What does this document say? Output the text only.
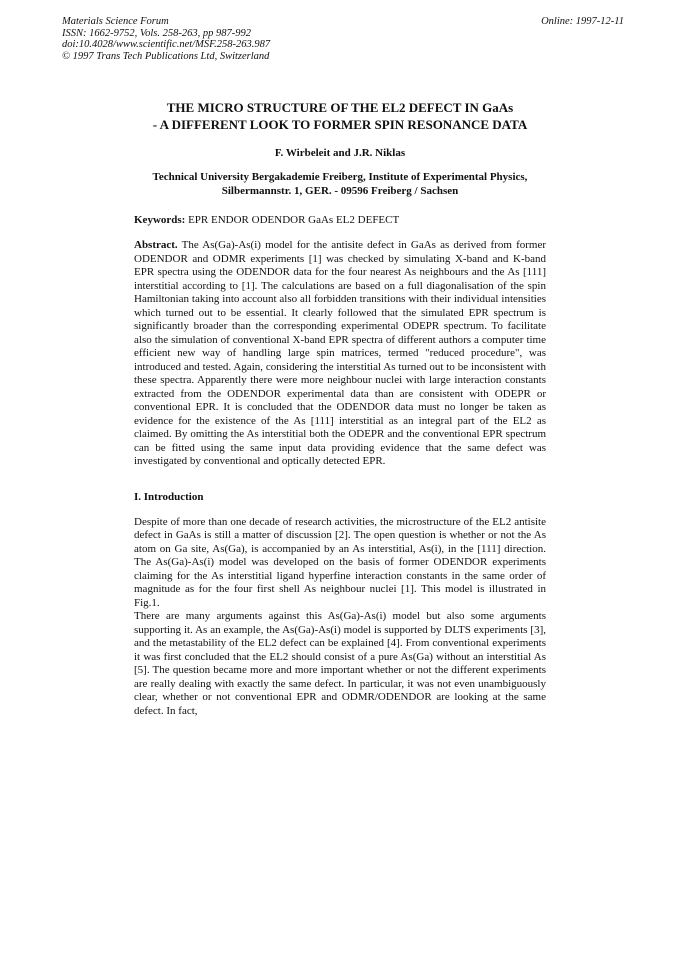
Materials Science Forum
ISSN: 1662-9752, Vols. 258-263, pp 987-992
doi:10.4028/www.scientific.net/MSF.258-263.987
© 1997 Trans Tech Publications Ltd, Switzerland
Online: 1997-12-11
THE MICRO STRUCTURE OF THE EL2 DEFECT IN GaAs
- A DIFFERENT LOOK TO FORMER SPIN RESONANCE DATA
F. Wirbeleit and J.R. Niklas
Technical University Bergakademie Freiberg, Institute of Experimental Physics,
Silbermannstr. 1, GER. - 09596 Freiberg / Sachsen
Keywords: EPR ENDOR ODENDOR GaAs EL2 DEFECT
Abstract. The As(Ga)-As(i) model for the antisite defect in GaAs as derived from former ODENDOR and ODMR experiments [1] was checked by simulating X-band and K-band EPR spectra using the ODENDOR data for the four nearest As neighbours and the As [111] interstitial according to [1]. The calculations are based on a full diagonalisation of the spin Hamiltonian taking into account also all forbidden transitions with their individual intensities which turned out to be essential. It clearly followed that the simulated EPR spectrum is significantly broader than the corresponding experimental ODEPR spectrum. To facilitate also the simulation of conventional X-band EPR spectra of different authors a computer time efficient new way of handling large spin matrices, termed "reduced procedure", was introduced and tested. Again, considering the interstitial As turned out to be inconsistent with these spectra. Apparently there were more neighbour nuclei with large interaction constants extracted from the ODENDOR experimental data than are consistent with ODEPR or conventional EPR. It is concluded that the ODENDOR data must no longer be taken as evidence for the existence of the As [111] interstitial as an integral part of the EL2 as claimed. By omitting the As interstitial both the ODEPR and the conventional EPR spectrum can be fitted using the same input data providing evidence that the same defect was investigated by conventional and optically detected EPR.
I. Introduction

Despite of more than one decade of research activities, the microstructure of the EL2 antisite defect in GaAs is still a matter of discussion [2]. The open question is whether or not the As atom on Ga site, As(Ga), is accompanied by an As interstitial, As(i), in the [111] direction. The As(Ga)-As(i) model was developed on the basis of former ODENDOR experiments claiming for the As interstitial ligand hyperfine interaction constants in the same order of magnitude as for the four first shell As neighbour nuclei [1]. This model is illustrated in Fig.1.

There are many arguments against this As(Ga)-As(i) model but also some arguments supporting it. As an example, the As(Ga)-As(i) model is supported by DLTS experiments [3], and the metastability of the EL2 defect can be explained [4]. From conventional experiments it was first concluded that the EL2 should consist of a pure As(Ga) without an interstitial As [5]. The question became more and more important whether or not the different experiments are really dealing with exactly the same defect. In particular, it was not even unambiguously clear, whether or not conventional EPR and ODMR/ODENDOR are looking at the same defect. In fact,
